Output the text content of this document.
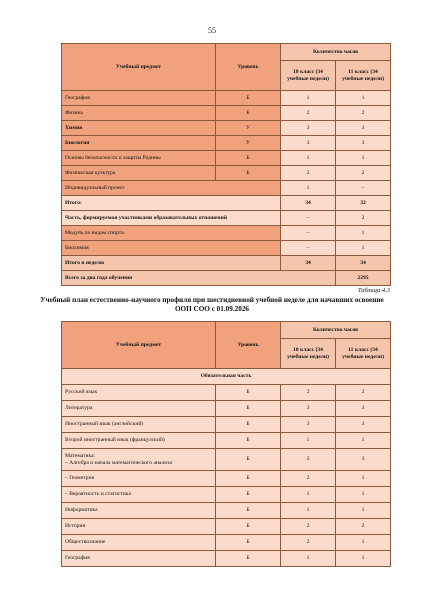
55
Учебный предмет	Уровень	Количество часов	
		10 класс (34 учебные недели)	11 класс (34 учебные недели)
География	Б	1	1
Физика	Б	2	2
Химия	У	3	3
Биология	У	3	3
Основы безопасности и защиты Родины	Б	1	1
Физическая культура	Б	2	2
Индивидуальный проект		1	–
Итого:		34	32
Часть, формируемая участниками образовательных отношений		–	2
Модуль по видам спорта		–	1
Биохимия		–	1
Итого в неделю		34	34
Всего за два года обучения			2295
Таблица 4.3
Учебный план естественно-научного профиля при шестидневной учебной неделе для начавших освоение ООП СОО с 01.09.2026
Учебный предмет	Уровень	Количество часов	
		10 класс (34 учебные недели)	11 класс (34 учебные недели)
Обязательная часть			
Русский язык	Б	2	2
Литература	Б	3	3
Иностранный язык (английский)	Б	3	3
Второй иностранный язык (французский)	Б	1	1
Математика:
– Алгебра и начала математического анализа	Б	2	3
– Геометрия	Б	2	1
– Вероятность и статистика	Б	1	1
Информатика	Б	1	1
История	Б	2	2
Обществознание	Б	2	1
География	Б	1	1
